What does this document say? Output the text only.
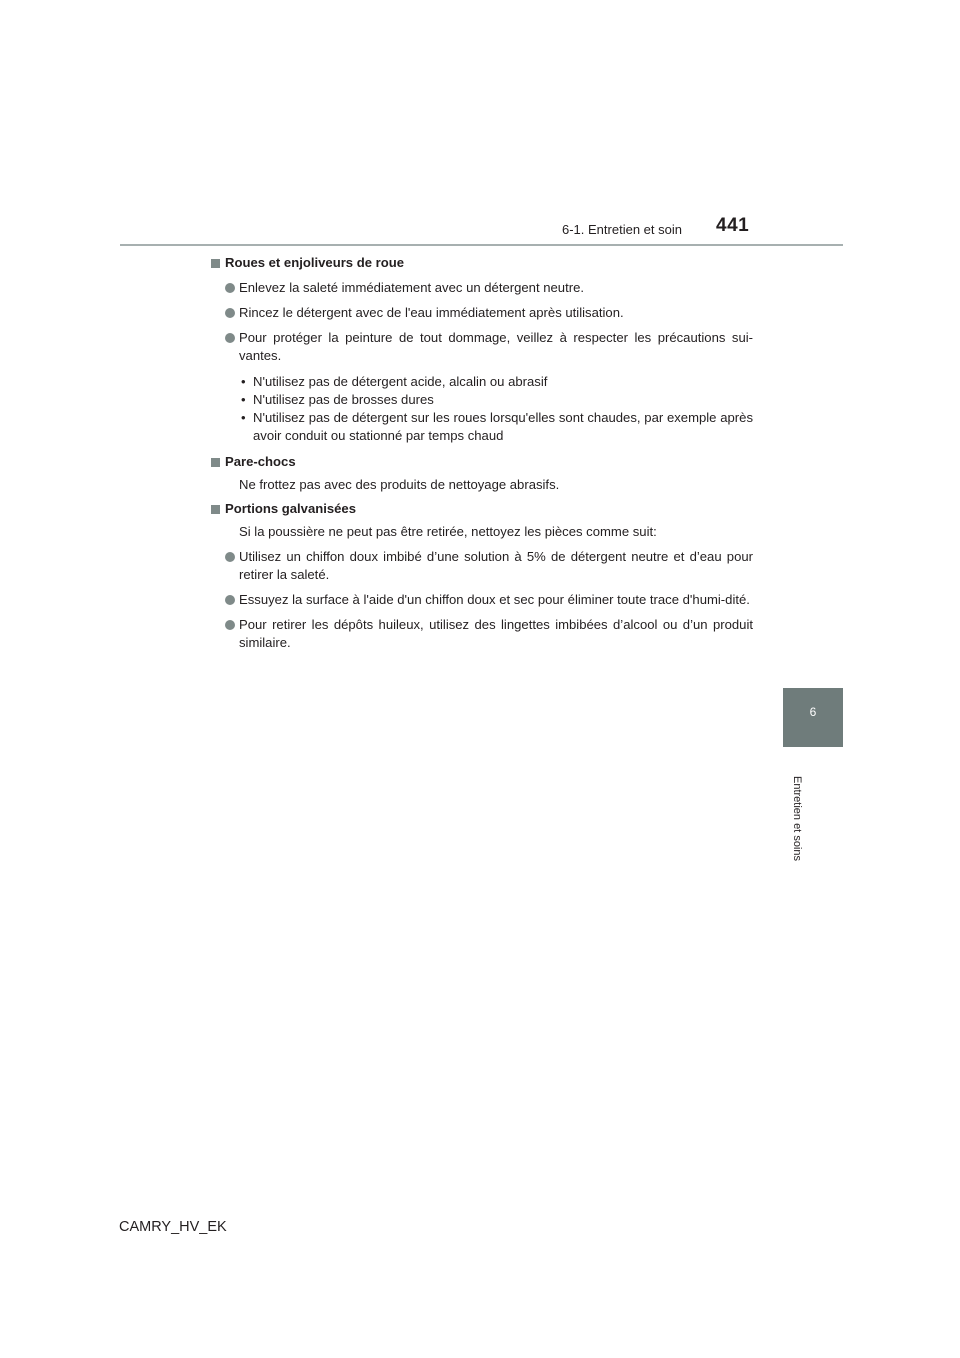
6-1. Entretien et soin 441
6
Entretien et soins
Roues et enjoliveurs de roue
Enlevez la saleté immédiatement avec un détergent neutre.
Rincez le détergent avec de l'eau immédiatement après utilisation.
Pour protéger la peinture de tout dommage, veillez à respecter les précautions sui-vantes.
• N'utilisez pas de détergent acide, alcalin ou abrasif
• N'utilisez pas de brosses dures
• N'utilisez pas de détergent sur les roues lorsqu'elles sont chaudes, par exemple après avoir conduit ou stationné par temps chaud
Pare-chocs
Ne frottez pas avec des produits de nettoyage abrasifs.
Portions galvanisées
Si la poussière ne peut pas être retirée, nettoyez les pièces comme suit:
Utilisez un chiffon doux imbibé d’une solution à 5% de détergent neutre et d’eau pour retirer la saleté.
Essuyez la surface à l'aide d'un chiffon doux et sec pour éliminer toute trace d'humi-dité.
Pour retirer les dépôts huileux, utilisez des lingettes imbibées d’alcool ou d’un produit similaire.
CAMRY_HV_EK
